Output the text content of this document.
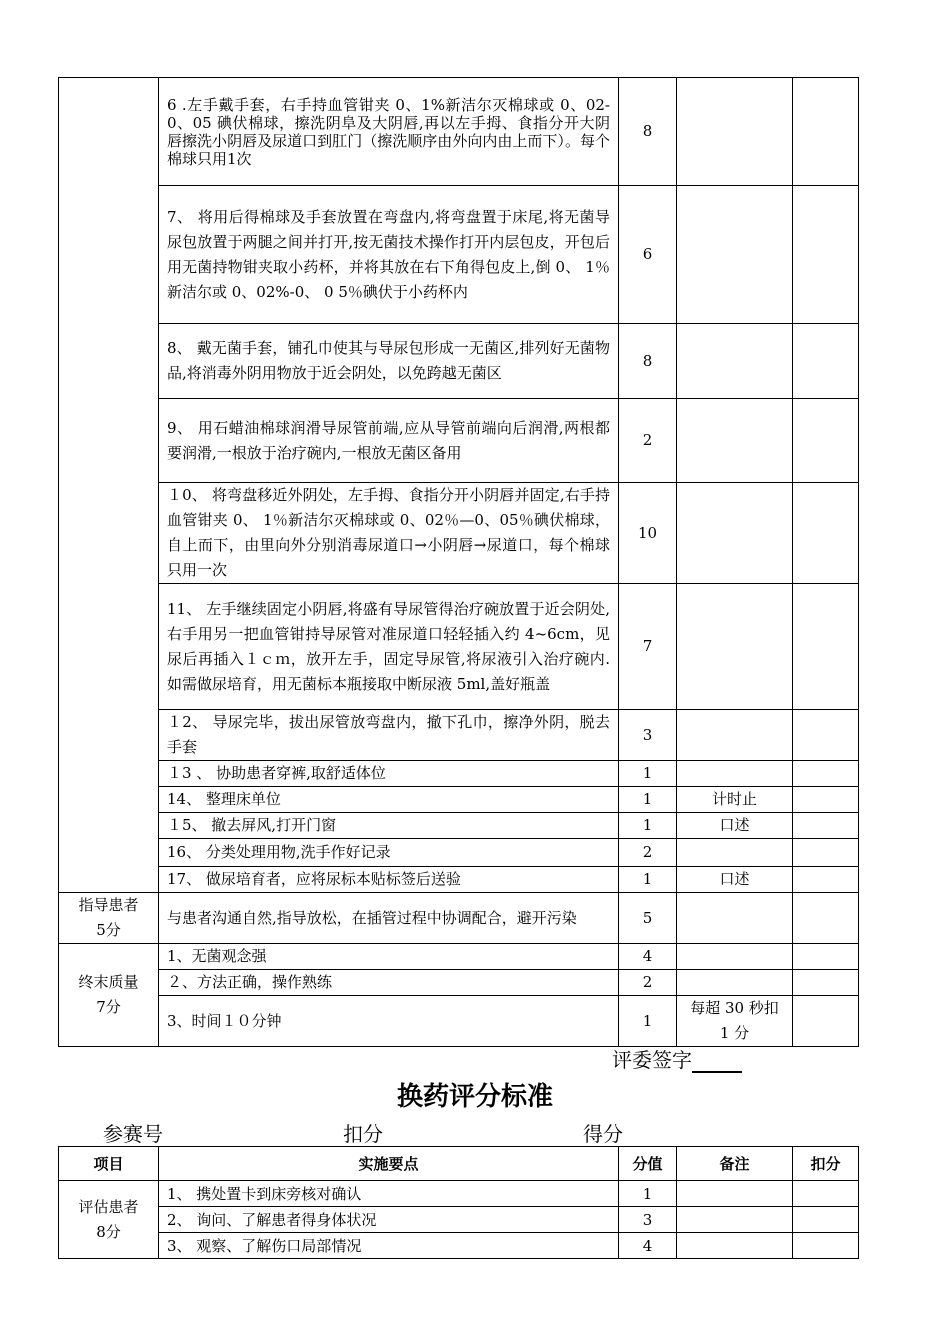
	6 .左手戴手套，右手持血管钳夹 0、1%新洁尔灭棉球或 0、02-0、05 碘伏棉球，擦洗阴阜及大阴唇,再以左手拇、食指分开大阴唇擦洗小阴唇及尿道口到肛门（擦洗顺序由外向内由上而下）。每个棉球只用1次	8		
	7、 将用后得棉球及手套放置在弯盘内,将弯盘置于床尾,将无菌导尿包放置于两腿之间并打开,按无菌技术操作打开内层包皮，开包后用无菌持物钳夹取小药杯，并将其放在右下角得包皮上,倒 0、 1％新洁尔或 0、02%-0、 0 5％碘伏于小药杯内	6		
	8、 戴无菌手套，铺孔巾使其与导尿包形成一无菌区,排列好无菌物品,将消毒外阴用物放于近会阴处，以免跨越无菌区	8		
	9、 用石蜡油棉球润滑导尿管前端,应从导管前端向后润滑,两根都要润滑,一根放于治疗碗内,一根放无菌区备用	2		
	１0、 将弯盘移近外阴处，左手拇、食指分开小阴唇并固定,右手持血管钳夹 0、 1％新洁尔灭棉球或 0、02％—0、05％碘伏棉球，自上而下，由里向外分别消毒尿道口→小阴唇→尿道口，每个棉球只用一次	10		
	11、 左手继续固定小阴唇,将盛有导尿管得治疗碗放置于近会阴处,右手用另一把血管钳持导尿管对准尿道口轻轻插入约 4~6cm，见尿后再插入１ｃｍ，放开左手，固定导尿管,将尿液引入治疗碗内.如需做尿培育，用无菌标本瓶接取中断尿液 5ml,盖好瓶盖	7		
	１2、 导尿完毕，拔出尿管放弯盘内，撤下孔巾，擦净外阴，脱去手套	3		
	１3 、 协助患者穿裤,取舒适体位	1		
	14、 整理床单位	1	计时止	
	１5、 撤去屏风,打开门窗	1	口述	
	16、 分类处理用物,洗手作好记录	2		
	17、 做尿培育者，应将尿标本贴标签后送验	1	口述	
指导患者
5分	与患者沟通自然,指导放松，在插管过程中协调配合，避开污染	5		
终末质量
7分	1、无菌观念强	4		
	２、方法正确，操作熟练	2		
	3、时间１０分钟	1	每超 30 秒扣 1 分	
评委签字
换药评分标准
参赛号	扣分	得分
项目	实施要点	分值	备注	扣分
评估患者
8分	1、 携处置卡到床旁核对确认	1		
	2、 询问、了解患者得身体状况	3		
	3、 观察、了解伤口局部情况	4		
